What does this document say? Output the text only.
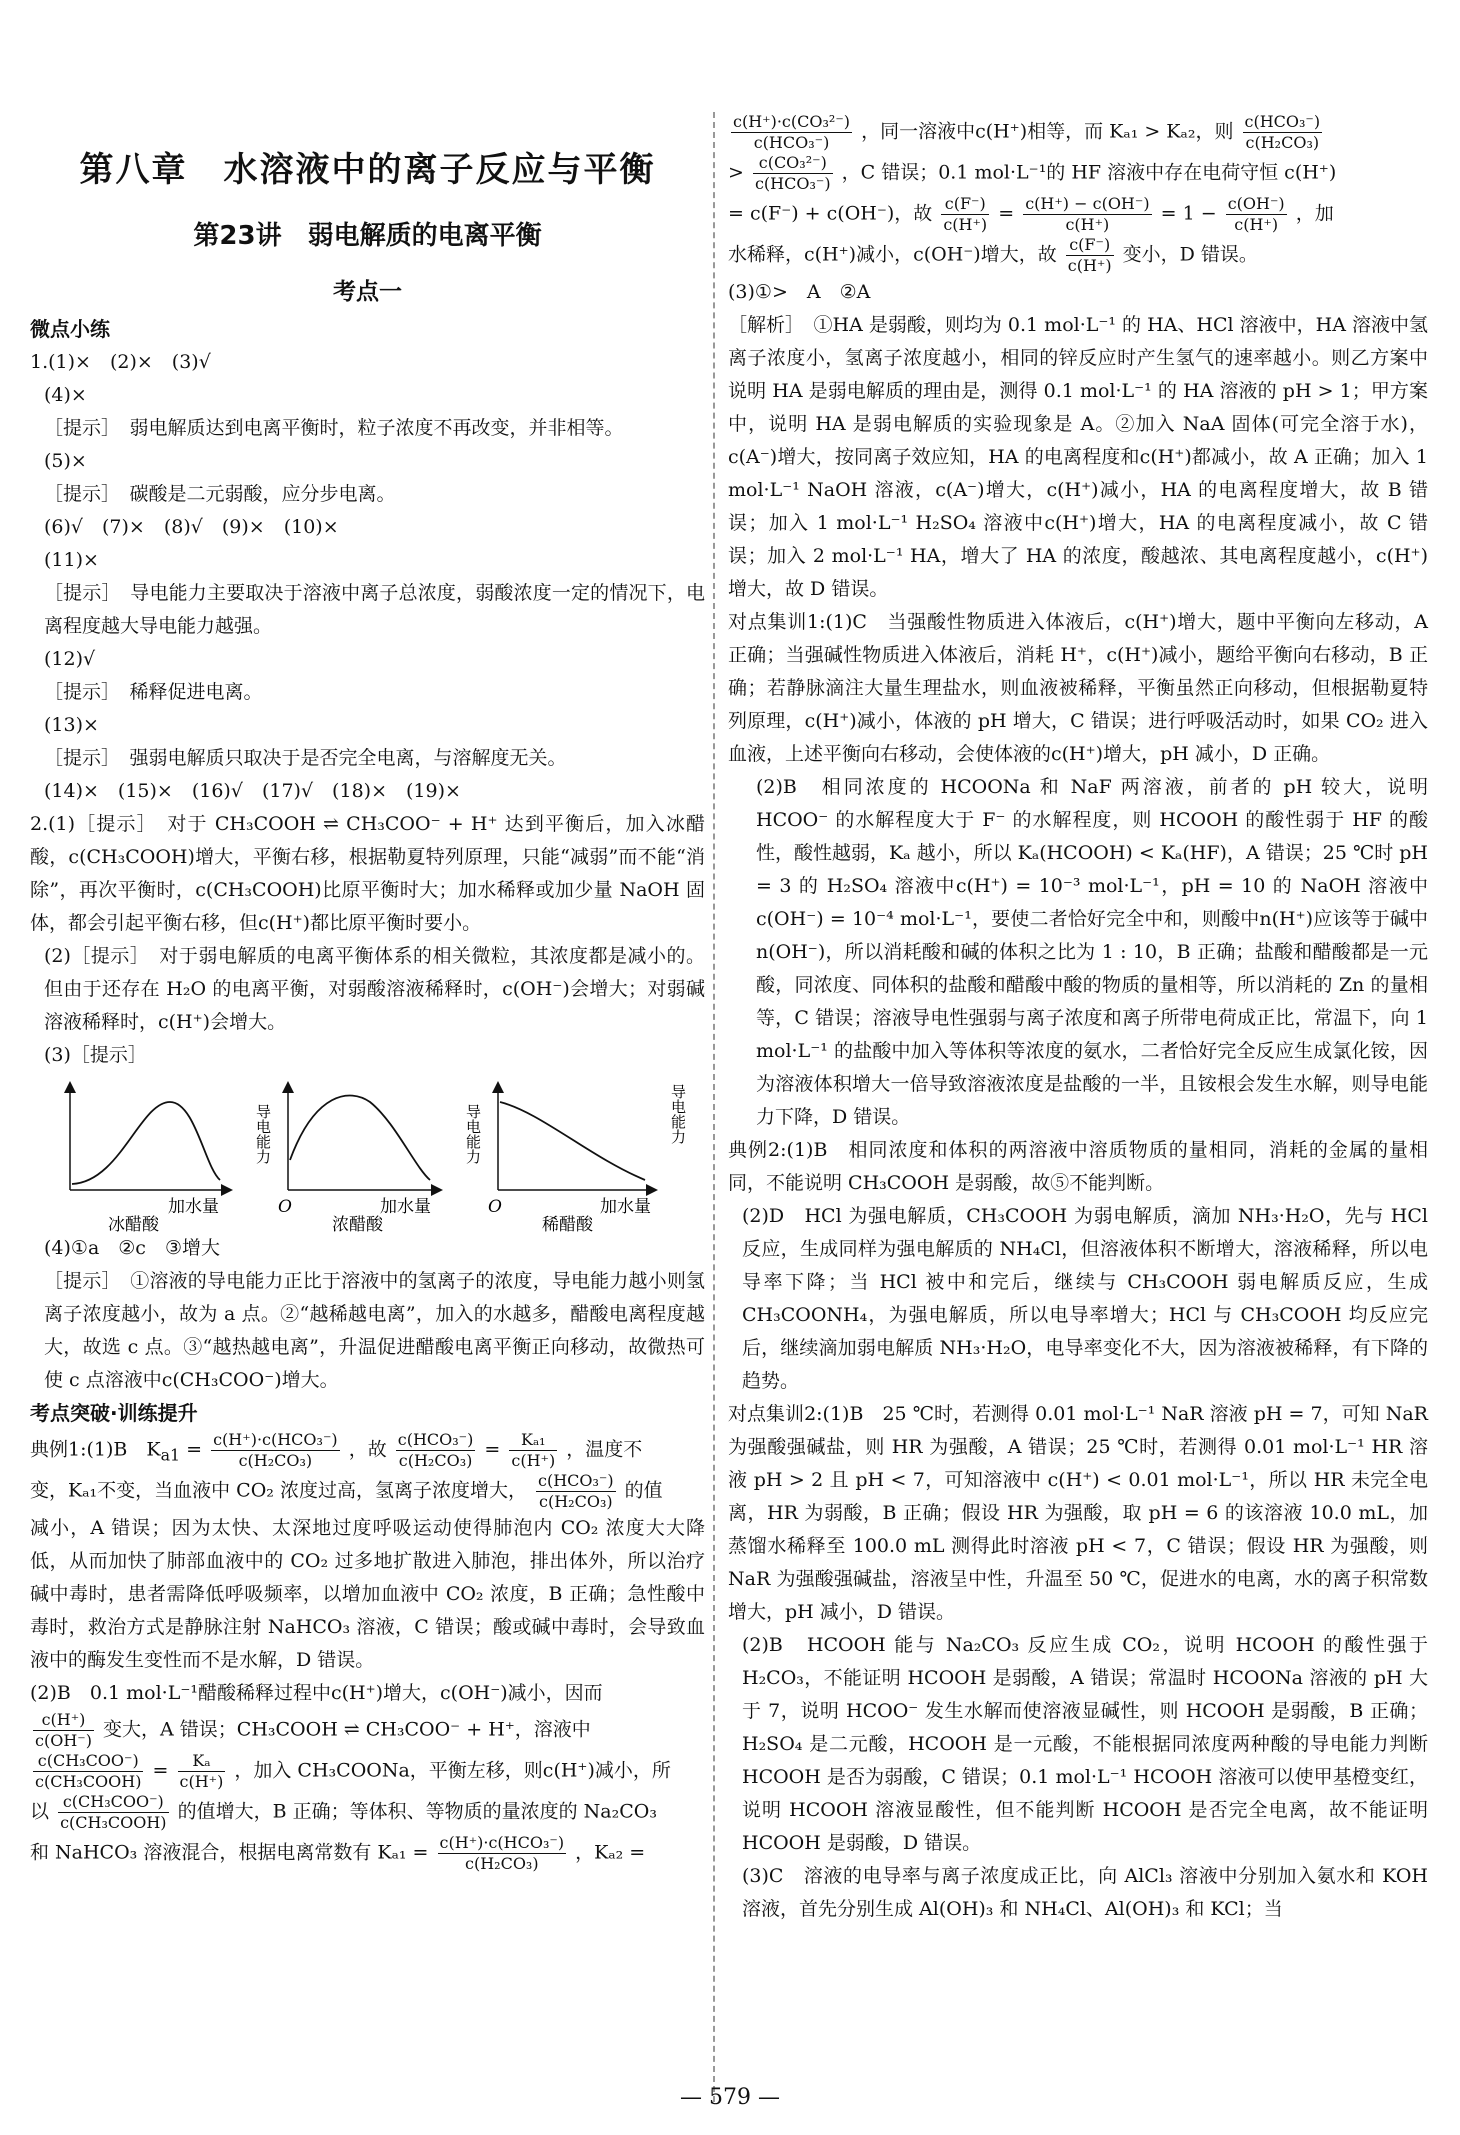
第八章　水溶液中的离子反应与平衡
第23讲　弱电解质的电离平衡
考点一

微点小练

1.(1)×　(2)×　(3)√

(4)×

［提示］　弱电解质达到电离平衡时，粒子浓度不再改变，并非相等。

(5)×

［提示］　碳酸是二元弱酸，应分步电离。

(6)√　(7)×　(8)√　(9)×　(10)×

(11)×

［提示］　导电能力主要取决于溶液中离子总浓度，弱酸浓度一定的情况下，电离程度越大导电能力越强。

(12)√

［提示］　稀释促进电离。

(13)×

［提示］　强弱电解质只取决于是否完全电离，与溶解度无关。

(14)×　(15)×　(16)√　(17)√　(18)×　(19)×

2.(1)［提示］　对于 CH₃COOH ⇌ CH₃COO⁻ + H⁺ 达到平衡后，加入冰醋酸，c(CH₃COOH)增大，平衡右移，根据勒夏特列原理，只能“减弱”而不能“消除”，再次平衡时，c(CH₃COOH)比原平衡时大；加水稀释或加少量 NaOH 固体，都会引起平衡右移，但c(H⁺)都比原平衡时要小。

(2)［提示］　对于弱电解质的电离平衡体系的相关微粒，其浓度都是减小的。但由于还存在 H₂O 的电离平衡，对弱酸溶液稀释时，c(OH⁻)会增大；对弱碱溶液稀释时，c(H⁺)会增大。

(3)［提示］

加水量
冰醋酸
导电能力
O	加水量
浓醋酸
导电能力	导电能力
O	加水量
稀醋酸

(4)①a　②c　③增大

［提示］　①溶液的导电能力正比于溶液中的氢离子的浓度，导电能力越小则氢离子浓度越小，故为 a 点。②“越稀越电离”，加入的水越多，醋酸电离程度越大，故选 c 点。③“越热越电离”，升温促进醋酸电离平衡正向移动，故微热可使 c 点溶液中c(CH₃COO⁻)增大。

考点突破·训练提升

典例1:(1)B　$K_{a1} = c(H^+)\cdot c(HCO_3^-)$
c(H₂CO₃)	，故 c(HCO₃⁻)
$c(H_2CO_3) = \frac{\text{Kₐ₁}}{c(H^+)}$ ，温度不

变，Kₐ₁不变，当血液中 CO₂ 浓度过高，氢离子浓度增大， c(HCO₃⁻)
c(H₂CO₃) 的值

减小，A 错误；因为太快、太深地过度呼吸运动使得肺泡内 CO₂ 浓度大大降低，从而加快了肺部血液中的 CO₂ 过多地扩散进入肺泡，排出体外，所以治疗碱中毒时，患者需降低呼吸频率，以增加血液中 CO₂ 浓度，B 正确；急性酸中毒时，救治方式是静脉注射 NaHCO₃ 溶液，C 错误；酸或碱中毒时，会导致血液中的酶发生变性而不是水解，D 错误。

(2)B　0.1 mol·L⁻¹醋酸稀释过程中c(H⁺)增大，c(OH⁻)减小，因而

$\frac{c(H^+)}{c(OH^-)}$ 变大，A 错误；CH₃COOH ⇌ CH₃COO⁻ + H⁺，溶液中

c(CH₃COO⁻)
c(CH₃COOH) = $\frac{\text{Kₐ}}{c(H^+)}$ ，加入 CH₃COONa，平衡左移，则c(H⁺)减小，所

以 c(CH₃COO⁻)
c(CH₃COOH) 的值增大，B 正确；等体积、等物质的量浓度的 Na₂CO₃

和 NaHCO₃ 溶液混合，根据电离常数有 Kₐ₁ = c(H⁺)·c(HCO₃⁻)
c(H₂CO₃)	，Kₐ₂ =

c(H⁺)·c(CO₃²⁻)
c(HCO₃⁻)	，同一溶液中c(H⁺)相等，而 Kₐ₁ > Kₐ₂，则 c(HCO₃⁻)
c(H₂CO₃)

> c(CO₃²⁻)
c(HCO₃⁻) ，C 错误；0.1 mol·L⁻¹的 HF 溶液中存在电荷守恒 c(H⁺)

= c(F⁻) + c(OH⁻)，故 $\frac{c(F^-)}{c(H^+)} = \frac{c(H^+) - c(OH^-)}{c(H^+)} = 1 - \frac{c(OH^-)}{c(H^+)}$ ，加

水稀释，c(H⁺)减小，c(OH⁻)增大，故 $\frac{c(F^-)}{c(H^+)}$ 变小，D 错误。

(3)①>　A　②A

［解析］　①HA 是弱酸，则均为 0.1 mol·L⁻¹ 的 HA、HCl 溶液中，HA 溶液中氢离子浓度小，氢离子浓度越小，相同的锌反应时产生氢气的速率越小。则乙方案中说明 HA 是弱电解质的理由是，测得 0.1 mol·L⁻¹ 的 HA 溶液的 pH > 1；甲方案中，说明 HA 是弱电解质的实验现象是 A。②加入 NaA 固体(可完全溶于水)，c(A⁻)增大，按同离子效应知，HA 的电离程度和c(H⁺)都减小，故 A 正确；加入 1 mol·L⁻¹ NaOH 溶液，c(A⁻)增大，c(H⁺)减小，HA 的电离程度增大，故 B 错误；加入 1 mol·L⁻¹ H₂SO₄ 溶液中c(H⁺)增大，HA 的电离程度减小，故 C 错误；加入 2 mol·L⁻¹ HA，增大了 HA 的浓度，酸越浓、其电离程度越小，c(H⁺)增大，故 D 错误。

对点集训1:(1)C　当强酸性物质进入体液后，c(H⁺)增大，题中平衡向左移动，A 正确；当强碱性物质进入体液后，消耗 H⁺，c(H⁺)减小，题给平衡向右移动，B 正确；若静脉滴注大量生理盐水，则血液被稀释，平衡虽然正向移动，但根据勒夏特列原理，c(H⁺)减小，体液的 pH 增大，C 错误；进行呼吸活动时，如果 CO₂ 进入血液，上述平衡向右移动，会使体液的c(H⁺)增大，pH 减小，D 正确。

(2)B　相同浓度的 HCOONa 和 NaF 两溶液，前者的 pH 较大，说明 HCOO⁻ 的水解程度大于 F⁻ 的水解程度，则 HCOOH 的酸性弱于 HF 的酸性，酸性越弱，Kₐ 越小，所以 Kₐ(HCOOH) < Kₐ(HF)，A 错误；25 ℃时 pH = 3 的 H₂SO₄ 溶液中c(H⁺) = 10⁻³ mol·L⁻¹，pH = 10 的 NaOH 溶液中c(OH⁻) = 10⁻⁴ mol·L⁻¹，要使二者恰好完全中和，则酸中n(H⁺)应该等于碱中n(OH⁻)，所以消耗酸和碱的体积之比为 1 : 10，B 正确；盐酸和醋酸都是一元酸，同浓度、同体积的盐酸和醋酸中酸的物质的量相等，所以消耗的 Zn 的量相等，C 错误；溶液导电性强弱与离子浓度和离子所带电荷成正比，常温下，向 1 mol·L⁻¹ 的盐酸中加入等体积等浓度的氨水，二者恰好完全反应生成氯化铵，因为溶液体积增大一倍导致溶液浓度是盐酸的一半，且铵根会发生水解，则导电能力下降，D 错误。

典例2:(1)B　相同浓度和体积的两溶液中溶质物质的量相同，消耗的金属的量相同，不能说明 CH₃COOH 是弱酸，故⑤不能判断。

(2)D　HCl 为强电解质，CH₃COOH 为弱电解质，滴加 NH₃·H₂O，先与 HCl 反应，生成同样为强电解质的 NH₄Cl，但溶液体积不断增大，溶液稀释，所以电导率下降；当 HCl 被中和完后，继续与 CH₃COOH 弱电解质反应，生成 CH₃COONH₄，为强电解质，所以电导率增大；HCl 与 CH₃COOH 均反应完后，继续滴加弱电解质 NH₃·H₂O，电导率变化不大，因为溶液被稀释，有下降的趋势。

对点集训2:(1)B　25 ℃时，若测得 0.01 mol·L⁻¹ NaR 溶液 pH = 7，可知 NaR 为强酸强碱盐，则 HR 为强酸，A 错误；25 ℃时，若测得 0.01 mol·L⁻¹ HR 溶液 pH > 2 且 pH < 7，可知溶液中 c(H⁺) < 0.01 mol·L⁻¹，所以 HR 未完全电离，HR 为弱酸，B 正确；假设 HR 为强酸，取 pH = 6 的该溶液 10.0 mL，加蒸馏水稀释至 100.0 mL 测得此时溶液 pH < 7，C 错误；假设 HR 为强酸，则 NaR 为强酸强碱盐，溶液呈中性，升温至 50 ℃，促进水的电离，水的离子积常数增大，pH 减小，D 错误。

(2)B　HCOOH 能与 Na₂CO₃ 反应生成 CO₂，说明 HCOOH 的酸性强于 H₂CO₃，不能证明 HCOOH 是弱酸，A 错误；常温时 HCOONa 溶液的 pH 大于 7，说明 HCOO⁻ 发生水解而使溶液显碱性，则 HCOOH 是弱酸，B 正确；H₂SO₄ 是二元酸，HCOOH 是一元酸，不能根据同浓度两种酸的导电能力判断 HCOOH 是否为弱酸，C 错误；0.1 mol·L⁻¹ HCOOH 溶液可以使甲基橙变红，说明 HCOOH 溶液显酸性，但不能判断 HCOOH 是否完全电离，故不能证明 HCOOH 是弱酸，D 错误。

(3)C　溶液的电导率与离子浓度成正比，向 AlCl₃ 溶液中分别加入氨水和 KOH 溶液，首先分别生成 Al(OH)₃ 和 NH₄Cl、Al(OH)₃ 和 KCl；当

— 579 —
